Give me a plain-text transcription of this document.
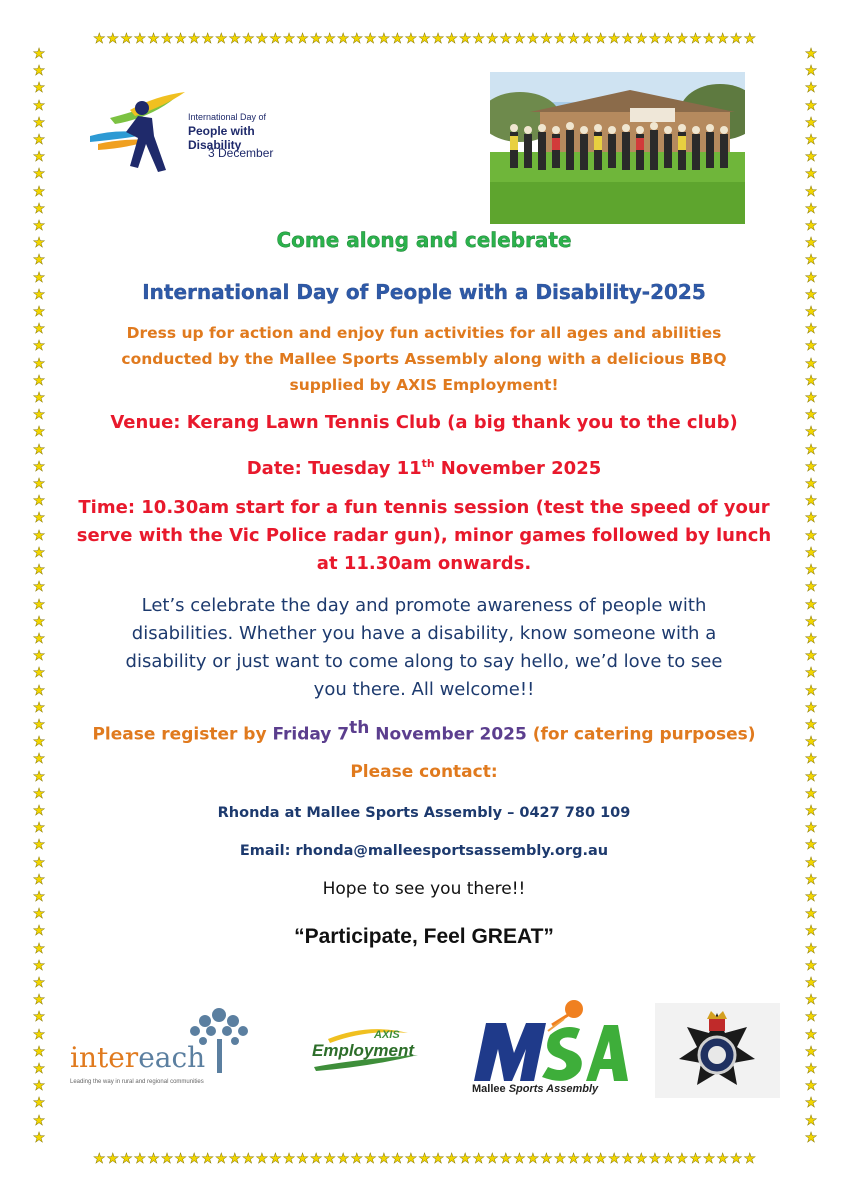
★★★★★★★★★★★★★★★★★★★★★★★★★★★★★★★★★★★★★★★★★★★★★★★★★
★★★★★★★★★★★★★★★★★★★★★★★★★★★★★★★★★★★★★★★★★★★★★★★★★
★★★★★★★★★★★★★★★★★★★★★★★★★★★★★★★★★★★★★★★★★★★★★★★★★★★★★★★★★★★★★★★★
★★★★★★★★★★★★★★★★★★★★★★★★★★★★★★★★★★★★★★★★★★★★★★★★★★★★★★★★★★★★★★★★
International Day of
People with Disability
3 December
Come along and celebrate
International Day of People with a Disability-2025
Dress up for action and enjoy fun activities for all ages and abilities
conducted by the Mallee Sports Assembly along with a delicious BBQ
supplied by AXIS Employment!
Venue: Kerang Lawn Tennis Club (a big thank you to the club)
Date: Tuesday 11th November 2025
Time: 10.30am start for a fun tennis session (test the speed of your
serve with the Vic Police radar gun), minor games followed by lunch
at 11.30am onwards.
Let’s celebrate the day and promote awareness of people with
disabilities. Whether you have a disability, know someone with a
disability or just want to come along to say hello, we’d love to see
you there. All welcome!!
Please register by Friday 7th November 2025 (for catering purposes)
Please contact:
Rhonda at Mallee Sports Assembly – 0427 780 109
Email: rhonda@malleesportsassembly.org.au
Hope to see you there!!
“Participate, Feel GREAT”
intereach
Leading the way in rural and regional communities
AXIS
Employment
Mallee Sports Assembly
